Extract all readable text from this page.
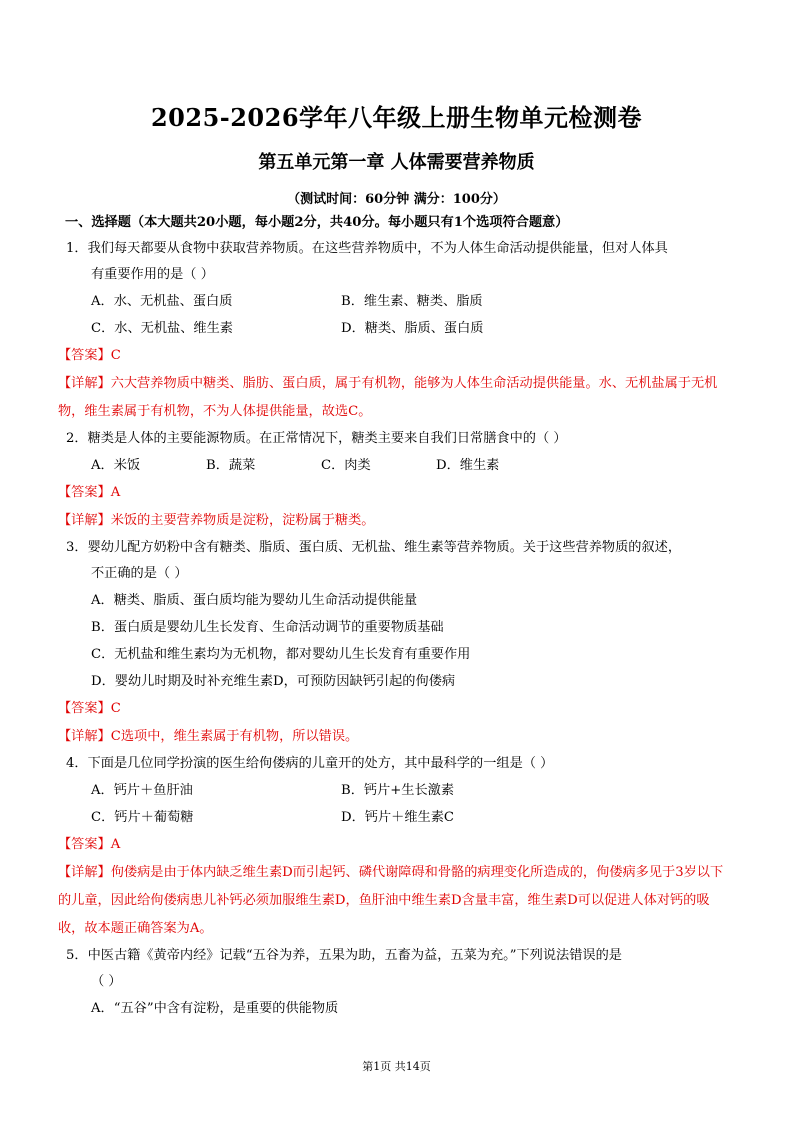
2025-2026学年八年级上册生物单元检测卷
第五单元第一章 人体需要营养物质
（测试时间：60分钟 满分：100分）
一、选择题（本大题共20小题，每小题2分，共40分。每小题只有1个选项符合题意）
1．我们每天都要从食物中获取营养物质。在这些营养物质中，不为人体生命活动提供能量，但对人体具
有重要作用的是（ ）
A．水、无机盐、蛋白质	B．维生素、糖类、脂质
C．水、无机盐、维生素	D．糖类、脂质、蛋白质
【答案】C
【详解】六大营养物质中糖类、脂肪、蛋白质，属于有机物，能够为人体生命活动提供能量。水、无机盐属于无机物，维生素属于有机物，不为人体提供能量，故选C。
2．糖类是人体的主要能源物质。在正常情况下，糖类主要来自我们日常膳食中的（ ）
A．米饭	B．蔬菜	C．肉类	D．维生素
【答案】A
【详解】米饭的主要营养物质是淀粉，淀粉属于糖类。
3．婴幼儿配方奶粉中含有糖类、脂质、蛋白质、无机盐、维生素等营养物质。关于这些营养物质的叙述，
不正确的是（ ）
A．糖类、脂质、蛋白质均能为婴幼儿生命活动提供能量
B．蛋白质是婴幼儿生长发育、生命活动调节的重要物质基础
C．无机盐和维生素均为无机物，都对婴幼儿生长发育有重要作用
D．婴幼儿时期及时补充维生素D，可预防因缺钙引起的佝偻病
【答案】C
【详解】C选项中，维生素属于有机物，所以错误。
4．下面是几位同学扮演的医生给佝偻病的儿童开的处方，其中最科学的一组是（ ）
A．钙片＋鱼肝油	B．钙片+生长激素
C．钙片＋葡萄糖	D．钙片＋维生素C
【答案】A
【详解】佝偻病是由于体内缺乏维生素D而引起钙、磷代谢障碍和骨骼的病理变化所造成的，佝偻病多见于3岁以下的儿童，因此给佝偻病患儿补钙必须加服维生素D，鱼肝油中维生素D含量丰富，维生素D可以促进人体对钙的吸收，故本题正确答案为A。
5．中医古籍《黄帝内经》记载“五谷为养，五果为助，五畜为益，五菜为充。”下列说法错误的是
（ ）
A．“五谷”中含有淀粉，是重要的供能物质
第1页 共14页
